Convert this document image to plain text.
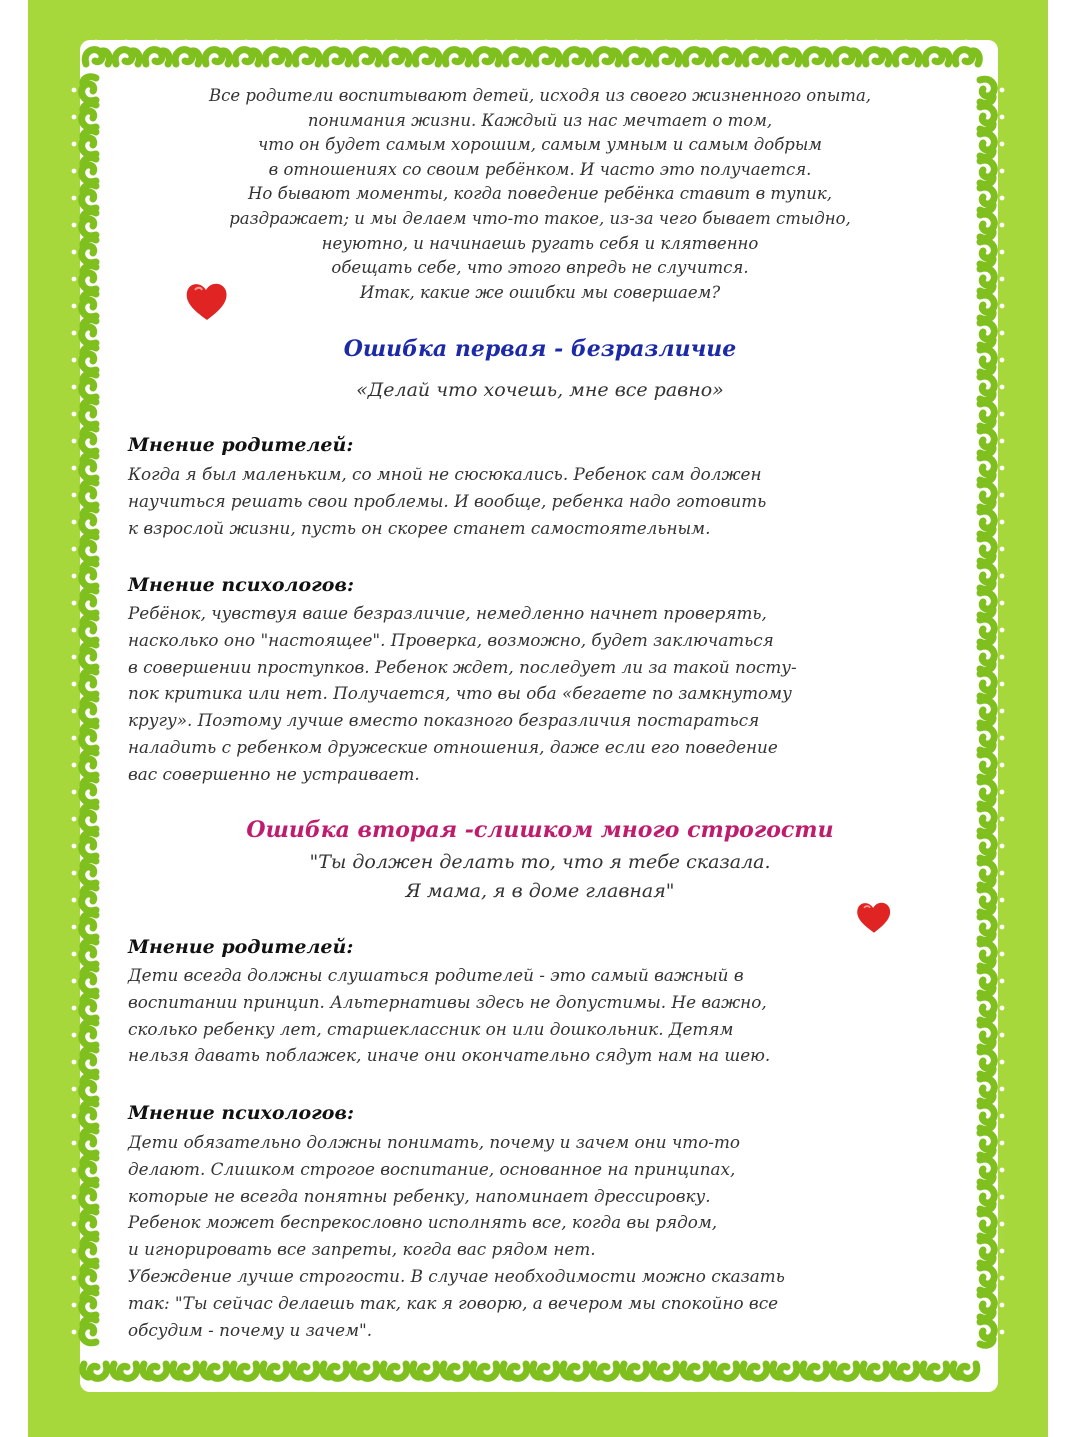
Все родители воспитывают детей, исходя из своего жизненного опыта,
понимания жизни. Каждый из нас мечтает о том,
что он будет самым хорошим, самым умным и самым добрым
в отношениях со своим ребёнком. И часто это получается.
Но бывают моменты, когда поведение ребёнка ставит в тупик,
раздражает; и мы делаем что-то такое, из-за чего бывает стыдно,
неуютно, и начинаешь ругать себя и клятвенно
обещать себе, что этого впредь не случится.
Итак, какие же ошибки мы совершаем?
Ошибка первая - безразличие
«Делай что хочешь, мне все равно»
Мнение родителей:
Когда я был маленьким, со мной не сюсюкались. Ребенок сам должен
научиться решать свои проблемы. И вообще, ребенка надо готовить
к взрослой жизни, пусть он скорее станет самостоятельным.
Мнение психологов:
Ребёнок, чувствуя ваше безразличие, немедленно начнет проверять,
насколько оно "настоящее". Проверка, возможно, будет заключаться
в совершении проступков. Ребенок ждет, последует ли за такой посту-
пок критика или нет. Получается, что вы оба «бегаете по замкнутому
кругу». Поэтому лучше вместо показного безразличия постараться
наладить с ребенком дружеские отношения, даже если его поведение
вас совершенно не устраивает.
Ошибка вторая -слишком много строгости
"Ты должен делать то, что я тебе сказала.
Я мама, я в доме главная"
Мнение родителей:
Дети всегда должны слушаться родителей - это самый важный в
воспитании принцип. Альтернативы здесь не допустимы. Не важно,
сколько ребенку лет, старшеклассник он или дошкольник. Детям
нельзя давать поблажек, иначе они окончательно сядут нам на шею.
Мнение психологов:
Дети обязательно должны понимать, почему и зачем они что-то
делают. Слишком строгое воспитание, основанное на принципах,
которые не всегда понятны ребенку, напоминает дрессировку.
Ребенок может беспрекословно исполнять все, когда вы рядом,
и игнорировать все запреты, когда вас рядом нет.
Убеждение лучше строгости. В случае необходимости можно сказать
так: "Ты сейчас делаешь так, как я говорю, а вечером мы спокойно все
обсудим - почему и зачем".
